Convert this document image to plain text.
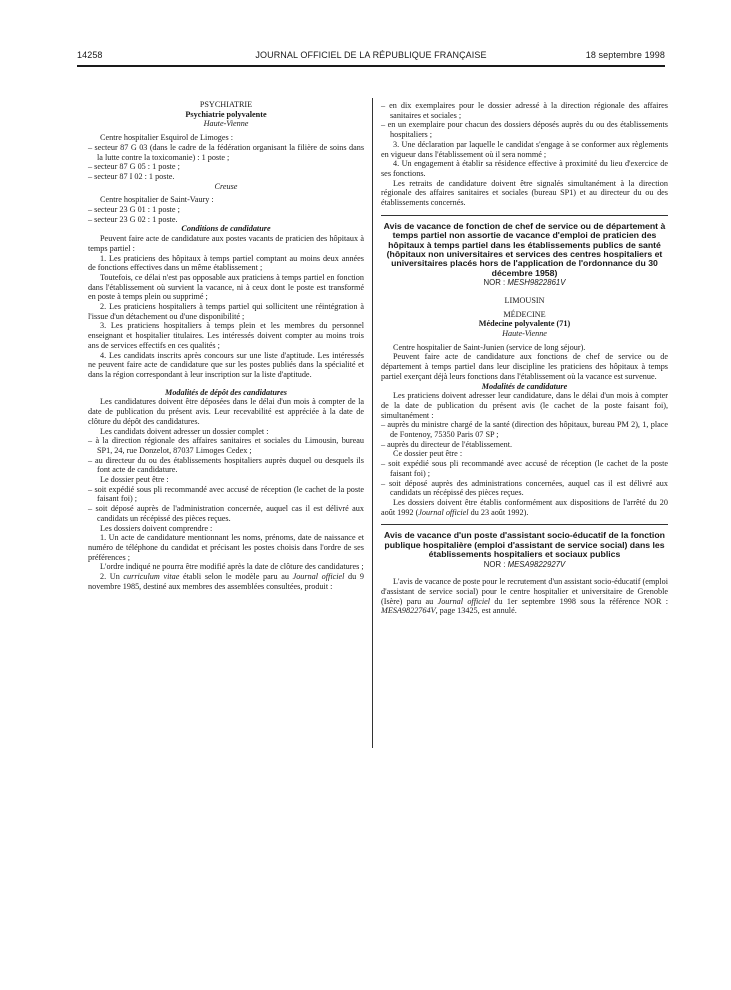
14258	JOURNAL OFFICIEL DE LA RÉPUBLIQUE FRANÇAISE	18 septembre 1998

PSYCHIATRIE

Psychiatrie polyvalente

Haute-Vienne

Centre hospitalier Esquirol de Limoges :

– secteur 87 G 03 (dans le cadre de la fédération organisant la filière de soins dans la lutte contre la toxicomanie) : 1 poste ;

– secteur 87 G 05 : 1 poste ;

– secteur 87 I 02 : 1 poste.

Creuse

Centre hospitalier de Saint-Vaury :

– secteur 23 G 01 : 1 poste ;

– secteur 23 G 02 : 1 poste.

Conditions de candidature

Peuvent faire acte de candidature aux postes vacants de praticien des hôpitaux à temps partiel :

1. Les praticiens des hôpitaux à temps partiel comptant au moins deux années de fonctions effectives dans un même établissement ;

Toutefois, ce délai n'est pas opposable aux praticiens à temps partiel en fonction dans l'établissement où survient la vacance, ni à ceux dont le poste est transformé en poste à temps plein ou supprimé ;

2. Les praticiens hospitaliers à temps partiel qui sollicitent une réintégration à l'issue d'un détachement ou d'une disponibilité ;

3. Les praticiens hospitaliers à temps plein et les membres du personnel enseignant et hospitalier titulaires. Les intéressés doivent compter au moins trois ans de services effectifs en ces qualités ;

4. Les candidats inscrits après concours sur une liste d'aptitude. Les intéressés ne peuvent faire acte de candidature que sur les postes publiés dans la spécialité et dans la région correspondant à leur inscription sur la liste d'aptitude.

Modalités de dépôt des candidatures

Les candidatures doivent être déposées dans le délai d'un mois à compter de la date de publication du présent avis. Leur recevabilité est appréciée à la date de clôture du dépôt des candidatures.

Les candidats doivent adresser un dossier complet :

– à la direction régionale des affaires sanitaires et sociales du Limousin, bureau SP1, 24, rue Donzelot, 87037 Limoges Cedex ;

– au directeur du ou des établissements hospitaliers auprès duquel ou desquels ils font acte de candidature.

Le dossier peut être :

– soit expédié sous pli recommandé avec accusé de réception (le cachet de la poste faisant foi) ;

– soit déposé auprès de l'administration concernée, auquel cas il est délivré aux candidats un récépissé des pièces reçues.

Les dossiers doivent comprendre :

1. Un acte de candidature mentionnant les noms, prénoms, date de naissance et numéro de téléphone du candidat et précisant les postes choisis dans l'ordre de ses préférences ;

L'ordre indiqué ne pourra être modifié après la date de clôture des candidatures ;

2. Un curriculum vitae établi selon le modèle paru au Journal officiel du 9 novembre 1985, destiné aux membres des assemblées consultées, produit :

– en dix exemplaires pour le dossier adressé à la direction régionale des affaires sanitaires et sociales ;

– en un exemplaire pour chacun des dossiers déposés auprès du ou des établissements hospitaliers ;

3. Une déclaration par laquelle le candidat s'engage à se conformer aux règlements en vigueur dans l'établissement où il sera nommé ;

4. Un engagement à établir sa résidence effective à proximité du lieu d'exercice de ses fonctions.

Les retraits de candidature doivent être signalés simultanément à la direction régionale des affaires sanitaires et sociales (bureau SP1) et au directeur du ou des établissements concernés.

Avis de vacance de fonction de chef de service ou de département à temps partiel non assortie de vacance d'emploi de praticien des hôpitaux à temps partiel dans les établissements publics de santé (hôpitaux non universitaires et services des centres hospitaliers et universitaires placés hors de l'application de l'ordonnance du 30 décembre 1958)

NOR : MESH9822861V

LIMOUSIN

MÉDECINE

Médecine polyvalente (71)

Haute-Vienne

Centre hospitalier de Saint-Junien (service de long séjour).

Peuvent faire acte de candidature aux fonctions de chef de service ou de département à temps partiel dans leur discipline les praticiens des hôpitaux à temps partiel exerçant déjà leurs fonctions dans l'établissement où la vacance est survenue.

Modalités de candidature

Les praticiens doivent adresser leur candidature, dans le délai d'un mois à compter de la date de publication du présent avis (le cachet de la poste faisant foi), simultanément :

– auprès du ministre chargé de la santé (direction des hôpitaux, bureau PM 2), 1, place de Fontenoy, 75350 Paris 07 SP ;

– auprès du directeur de l'établissement.

Ce dossier peut être :

– soit expédié sous pli recommandé avec accusé de réception (le cachet de la poste faisant foi) ;

– soit déposé auprès des administrations concernées, auquel cas il est délivré aux candidats un récépissé des pièces reçues.

Les dossiers doivent être établis conformément aux dispositions de l'arrêté du 20 août 1992 (Journal officiel du 23 août 1992).

Avis de vacance d'un poste d'assistant socio-éducatif de la fonction publique hospitalière (emploi d'assistant de service social) dans les établissements hospitaliers et sociaux publics

NOR : MESA9822927V

L'avis de vacance de poste pour le recrutement d'un assistant socio-éducatif (emploi d'assistant de service social) pour le centre hospitalier et universitaire de Grenoble (Isère) paru au Journal officiel du 1er septembre 1998 sous la référence NOR : MESA9822764V, page 13425, est annulé.
